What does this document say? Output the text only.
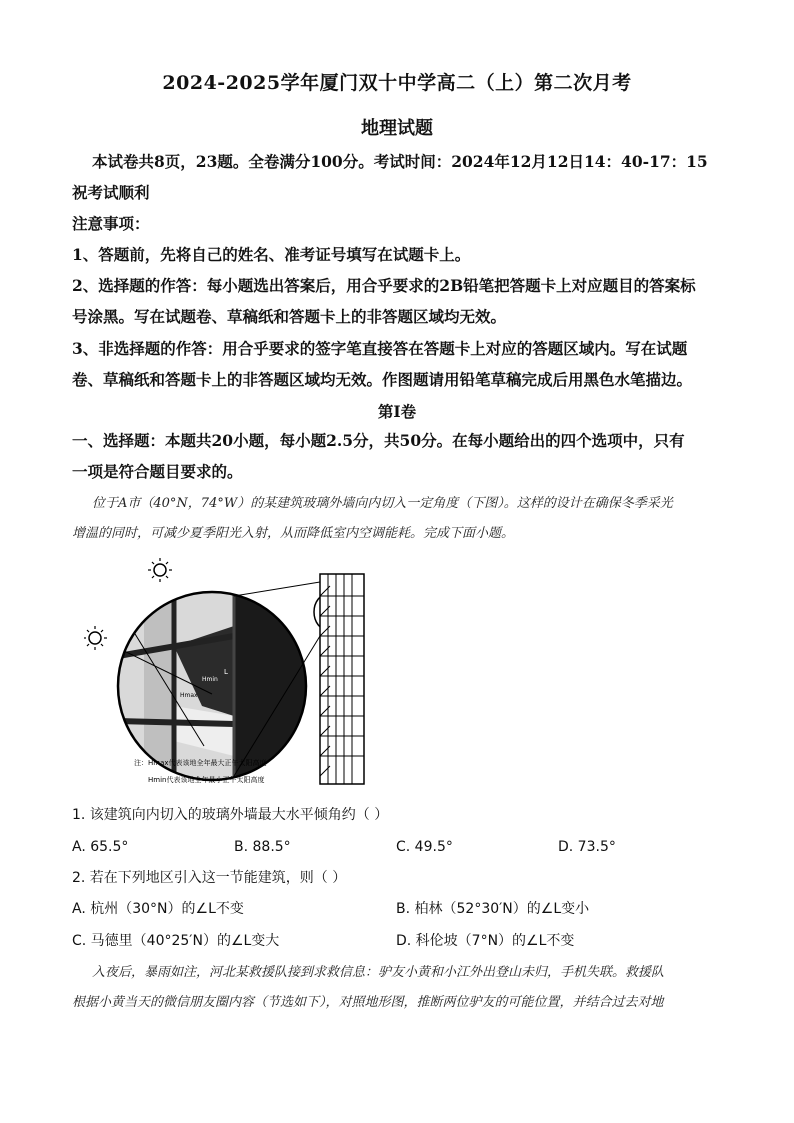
2024-2025学年厦门双十中学高二（上）第二次月考
地理试题
本试卷共8页，23题。全卷满分100分。考试时间：2024年12月12日14：40-17：15
祝考试顺利
注意事项：
1、答题前，先将自己的姓名、准考证号填写在试题卡上。
2、选择题的作答：每小题选出答案后，用合乎要求的2B铅笔把答题卡上对应题目的答案标
号涂黑。写在试题卷、草稿纸和答题卡上的非答题区域均无效。
3、非选择题的作答：用合乎要求的签字笔直接答在答题卡上对应的答题区域内。写在试题
卷、草稿纸和答题卡上的非答题区域均无效。作图题请用铅笔草稿完成后用黑色水笔描边。
第Ⅰ卷
一、选择题：本题共20小题，每小题2.5分，共50分。在每小题给出的四个选项中，只有
一项是符合题目要求的。
位于A市（40°N，74°W）的某建筑玻璃外墙向内切入一定角度（下图）。这样的设计在确保冬季采光
增温的同时，可减少夏季阳光入射，从而降低室内空调能耗。完成下面小题。
Hmax
Hmin
L
注：Hmax代表该地全年最大正午太阳高度
Hmin代表该地全年最小正午太阳高度
1. 该建筑向内切入的玻璃外墙最大水平倾角约（ ）
A. 65.5°	B. 88.5°	C. 49.5°	D. 73.5°
2. 若在下列地区引入这一节能建筑，则（ ）
A. 杭州（30°N）的∠L不变	B. 柏林（52°30′N）的∠L变小
C. 马德里（40°25′N）的∠L变大	D. 科伦坡（7°N）的∠L不变
入夜后，暴雨如注，河北某救援队接到求救信息：驴友小黄和小江外出登山未归，手机失联。救援队
根据小黄当天的微信朋友圈内容（节选如下），对照地形图，推断两位驴友的可能位置，并结合过去对地
